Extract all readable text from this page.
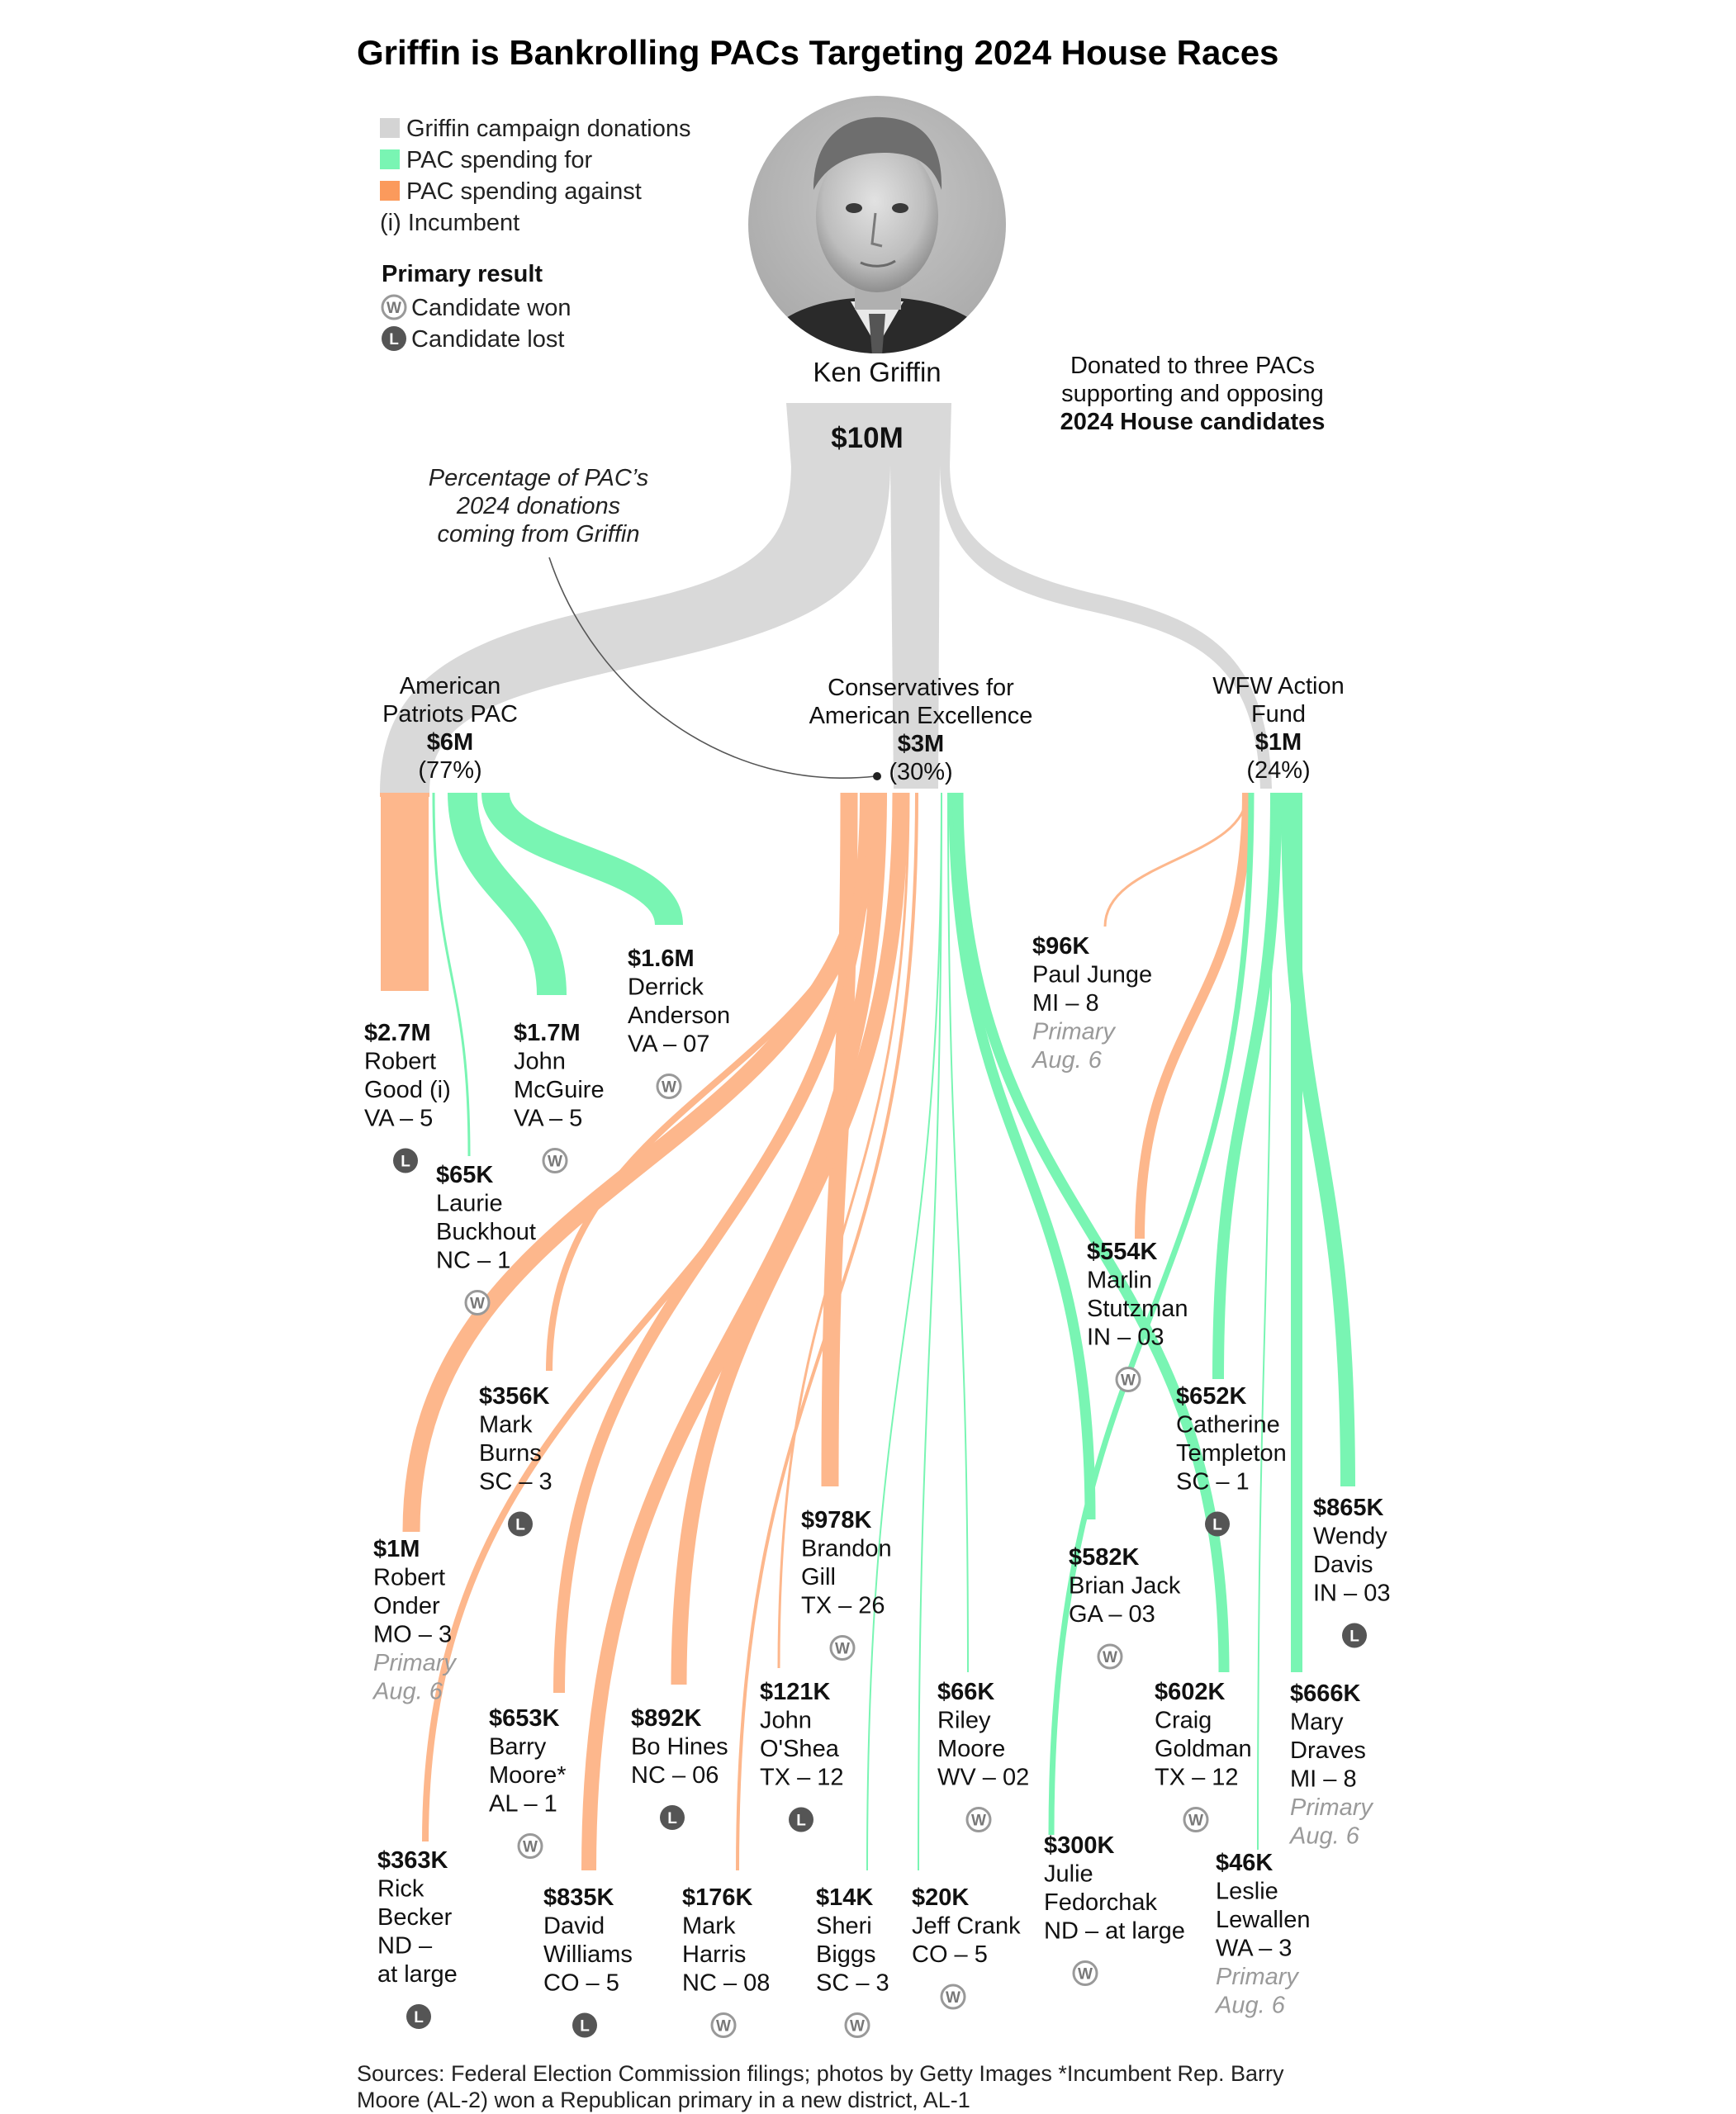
Griffin is Bankrolling PACs Targeting 2024 House Races
Griffin campaign donations
PAC spending for
PAC spending against
(i) Incumbent
Primary result
W Candidate won
L Candidate lost
Ken Griffin
$10M
Donated to three PACs
supporting and opposing
2024 House candidates
Percentage of PAC’s
2024 donations
coming from Griffin
American
Patriots PAC
$6M
(77%)
Conservatives for
American Excellence
$3M
(30%)
WFW Action
Fund
$1M
(24%)
$2.7M
Robert
Good (i)
VA – 5
L $65K
Laurie
Buckhout
NC – 1
W
$1.7M
John
McGuire
VA – 5
W
$1.6M
Derrick
Anderson
VA – 07
W
$96K
Paul Junge
MI – 8
Primary
Aug. 6
$554K
Marlin
Stutzman
IN – 03
W
$356K
Mark
Burns
SC – 3
L
$652K
Catherine
Templeton
SC – 1
L
$865K
Wendy
Davis
IN – 03
L
$978K
Brandon
Gill
TX – 26
W
$582K
Brian Jack
GA – 03
W
$1M
Robert
Onder
MO – 3
Primary
Aug. 6
$653K
Barry
Moore*
AL – 1
W
$892K
Bo Hines
NC – 06
L
$121K
John
O'Shea
TX – 12
L
$66K
Riley
Moore
WV – 02
W
$602K
Craig
Goldman
TX – 12
W
$666K
Mary
Draves
MI – 8
Primary
Aug. 6
$363K
Rick
Becker
ND –
at large
L
$835K
David
Williams
CO – 5
L
$176K
Mark
Harris
NC – 08
W
$14K
Sheri
Biggs
SC – 3
W
$20K
Jeff Crank
CO – 5
W
$300K
Julie
Fedorchak
ND – at large
W
$46K
Leslie
Lewallen
WA – 3
Primary
Aug. 6
Sources: Federal Election Commission filings; photos by Getty Images *Incumbent Rep. Barry
Moore (AL-2) won a Republican primary in a new district, AL-1
